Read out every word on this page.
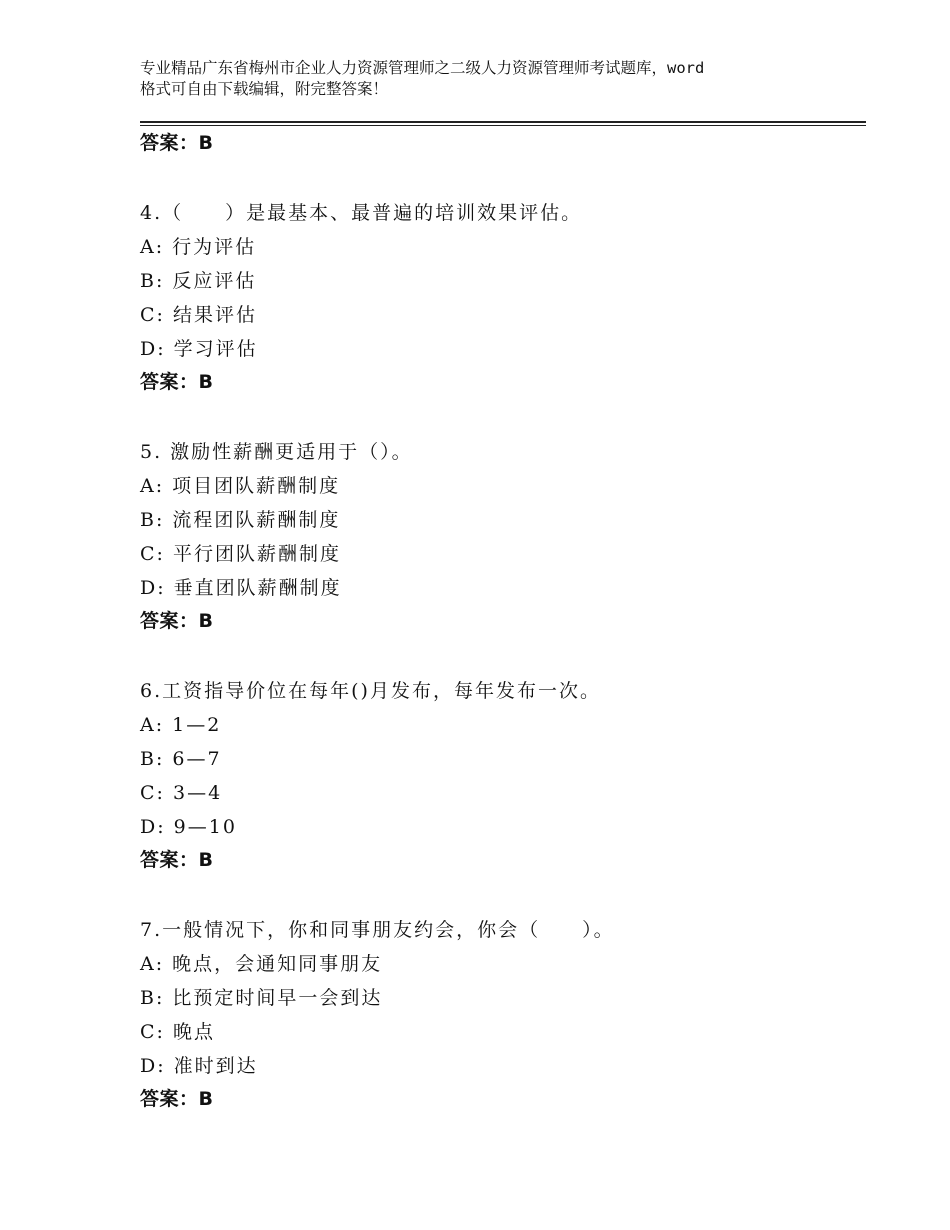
专业精品广东省梅州市企业人力资源管理师之二级人力资源管理师考试题库，word
格式可自由下载编辑，附完整答案！
答案：B
4.（　　）是最基本、最普遍的培训效果评估。
A: 行为评估
B: 反应评估
C: 结果评估
D: 学习评估
答案：B
5. 激励性薪酬更适用于（）。
A: 项目团队薪酬制度
B: 流程团队薪酬制度
C: 平行团队薪酬制度
D: 垂直团队薪酬制度
答案：B
6.工资指导价位在每年()月发布，每年发布一次。
A: 1—2
B: 6—7
C: 3—4
D: 9—10
答案：B
7.一般情况下，你和同事朋友约会，你会（　　）。
A: 晚点，会通知同事朋友
B: 比预定时间早一会到达
C: 晚点
D: 准时到达
答案：B
